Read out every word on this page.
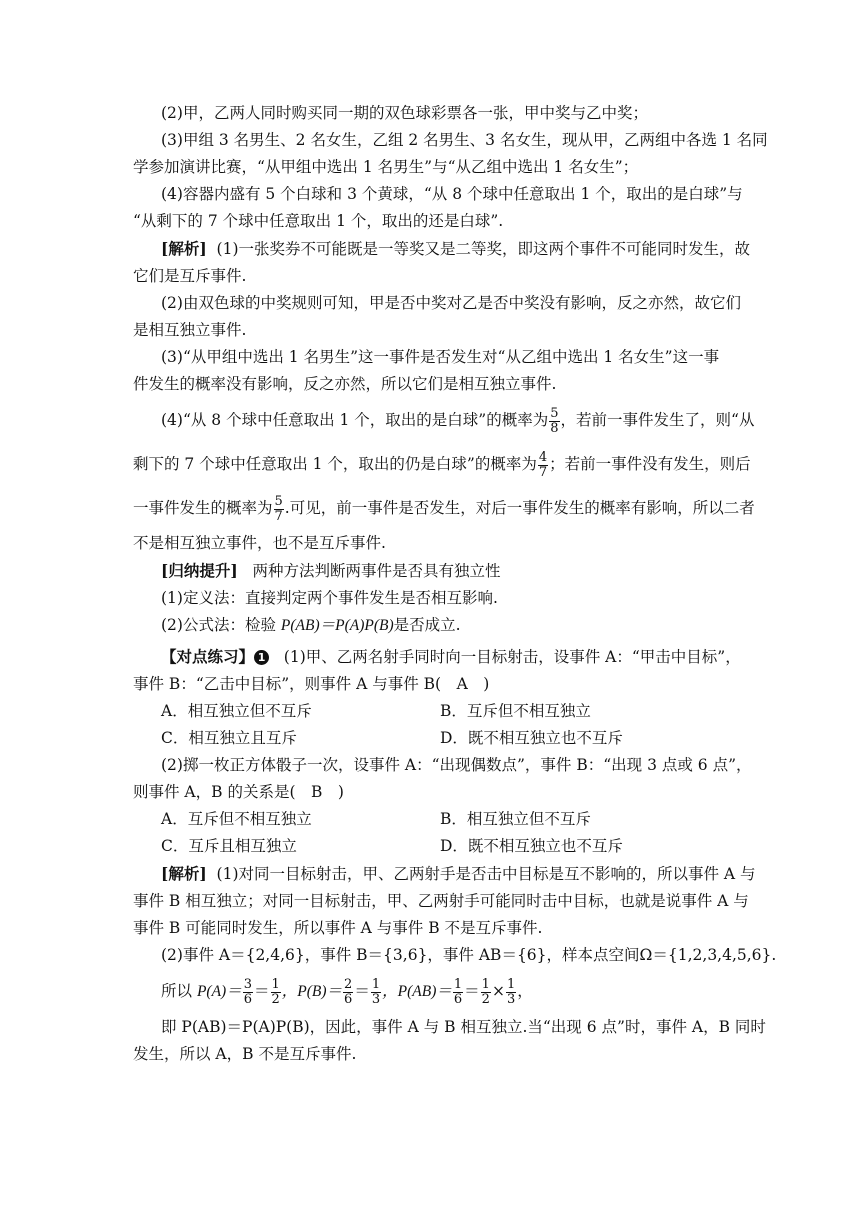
(2)甲，乙两人同时购买同一期的双色球彩票各一张，甲中奖与乙中奖；

(3)甲组 3 名男生、2 名女生，乙组 2 名男生、3 名女生，现从甲，乙两组中各选 1 名同

学参加演讲比赛，“从甲组中选出 1 名男生”与“从乙组中选出 1 名女生”；

(4)容器内盛有 5 个白球和 3 个黄球，“从 8 个球中任意取出 1 个，取出的是白球”与

“从剩下的 7 个球中任意取出 1 个，取出的还是白球”.

[解析] (1)一张奖券不可能既是一等奖又是二等奖，即这两个事件不可能同时发生，故

它们是互斥事件.

(2)由双色球的中奖规则可知，甲是否中奖对乙是否中奖没有影响，反之亦然，故它们

是相互独立事件.

(3)“从甲组中选出 1 名男生”这一事件是否发生对“从乙组中选出 1 名女生”这一事

件发生的概率没有影响，反之亦然，所以它们是相互独立事件.

(4)“从 8 个球中任意取出 1 个，取出的是白球”的概率为 $\frac{5}{8}$ ，若前一事件发生了，则“从

剩下的 7 个球中任意取出 1 个，取出的仍是白球”的概率为 $\frac{4}{7}$ ；若前一事件没有发生，则后

一事件发生的概率为 $\frac{5}{7}$ .可见，前一事件是否发生，对后一事件发生的概率有影响，所以二者

不是相互独立事件，也不是互斥事件.

[归纳提升] 两种方法判断两事件是否具有独立性

(1)定义法：直接判定两个事件发生是否相互影响.

(2)公式法：检验 P(AB)＝P(A)P(B)是否成立.

【对点练习】 1 (1)甲、乙两名射手同时向一目标射击，设事件 A：“甲击中目标”，

事件 B：“乙击中目标”，则事件 A 与事件 B(　A　)

A．相互独立但不互斥	B．互斥但不相互独立

C．相互独立且互斥	D．既不相互独立也不互斥

(2)掷一枚正方体骰子一次，设事件 A：“出现偶数点”，事件 B：“出现 3 点或 6 点”，

则事件 A，B 的关系是(　B　)

A．互斥但不相互独立	B．相互独立但不互斥

C．互斥且相互独立	D．既不相互独立也不互斥

[解析] (1)对同一目标射击，甲、乙两射手是否击中目标是互不影响的，所以事件 A 与

事件 B 相互独立；对同一目标射击，甲、乙两射手可能同时击中目标，也就是说事件 A 与

事件 B 可能同时发生，所以事件 A 与事件 B 不是互斥事件.

(2)事件 A＝{2,4,6}，事件 B＝{3,6}，事件 AB＝{6}，样本点空间Ω＝{1,2,3,4,5,6}.

所以 $P(A)= \frac{3}{6} = \frac{1}{2}$ ，$P(B)= \frac{2}{6} = \frac{1}{3}$ ，$P(AB)= \frac{1}{6} = \frac{1}{2} \times \frac{1}{3}$ ，

即 P(AB)＝P(A)P(B)，因此，事件 A 与 B 相互独立.当“出现 6 点”时，事件 A，B 同时

发生，所以 A，B 不是互斥事件.
